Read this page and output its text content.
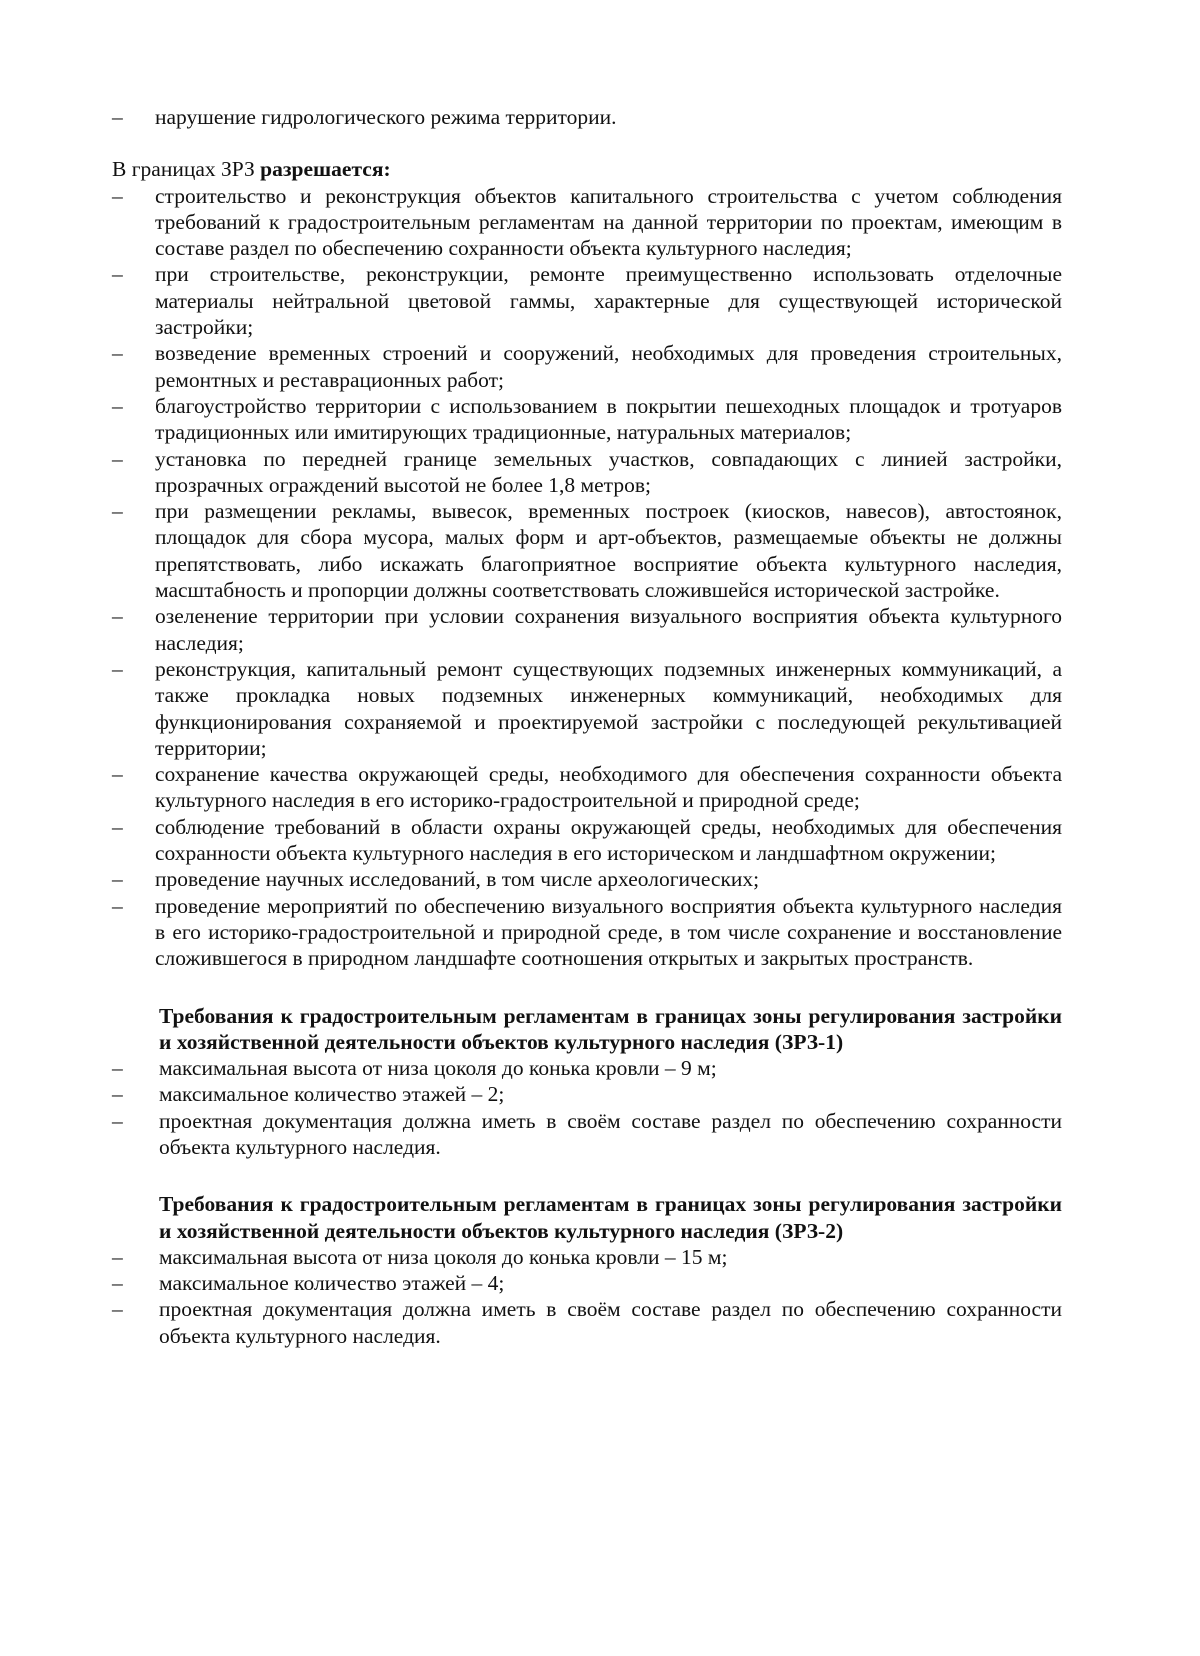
– нарушение гидрологического режима территории.

В границах ЗРЗ разрешается:

– строительство и реконструкция объектов капитального строительства с учетом соблюдения требований к градостроительным регламентам на данной территории по проектам, имеющим в составе раздел по обеспечению сохранности объекта культурного наследия;
– при строительстве, реконструкции, ремонте преимущественно использовать отделочные материалы нейтральной цветовой гаммы, характерные для существующей исторической застройки;
– возведение временных строений и сооружений, необходимых для проведения строительных, ремонтных и реставрационных работ;
– благоустройство территории с использованием в покрытии пешеходных площадок и тротуаров традиционных или имитирующих традиционные, натуральных материалов;
– установка по передней границе земельных участков, совпадающих с линией застройки, прозрачных ограждений высотой не более 1,8 метров;
– при размещении рекламы, вывесок, временных построек (киосков, навесов), автостоянок, площадок для сбора мусора, малых форм и арт-объектов, размещаемые объекты не должны препятствовать, либо искажать благоприятное восприятие объекта культурного наследия, масштабность и пропорции должны соответствовать сложившейся исторической застройке.
– озеленение территории при условии сохранения визуального восприятия объекта культурного наследия;
– реконструкция, капитальный ремонт существующих подземных инженерных коммуникаций, а также прокладка новых подземных инженерных коммуникаций, необходимых для функционирования сохраняемой и проектируемой застройки с последующей рекультивацией территории;
– сохранение качества окружающей среды, необходимого для обеспечения сохранности объекта культурного наследия в его историко-градостроительной и природной среде;
– соблюдение требований в области охраны окружающей среды, необходимых для обеспечения сохранности объекта культурного наследия в его историческом и ландшафтном окружении;
– проведение научных исследований, в том числе археологических;
– проведение мероприятий по обеспечению визуального восприятия объекта культурного наследия в его историко-градостроительной и природной среде, в том числе сохранение и восстановление сложившегося в природном ландшафте соотношения открытых и закрытых пространств.
Требования к градостроительным регламентам в границах зоны регулирования застройки и хозяйственной деятельности объектов культурного наследия (ЗРЗ-1)
– максимальная высота от низа цоколя до конька кровли – 9 м;
– максимальное количество этажей – 2;
– проектная документация должна иметь в своём составе раздел по обеспечению сохранности объекта культурного наследия.
Требования к градостроительным регламентам в границах зоны регулирования застройки и хозяйственной деятельности объектов культурного наследия (ЗРЗ-2)
– максимальная высота от низа цоколя до конька кровли – 15 м;
– максимальное количество этажей – 4;
– проектная документация должна иметь в своём составе раздел по обеспечению сохранности объекта культурного наследия.
